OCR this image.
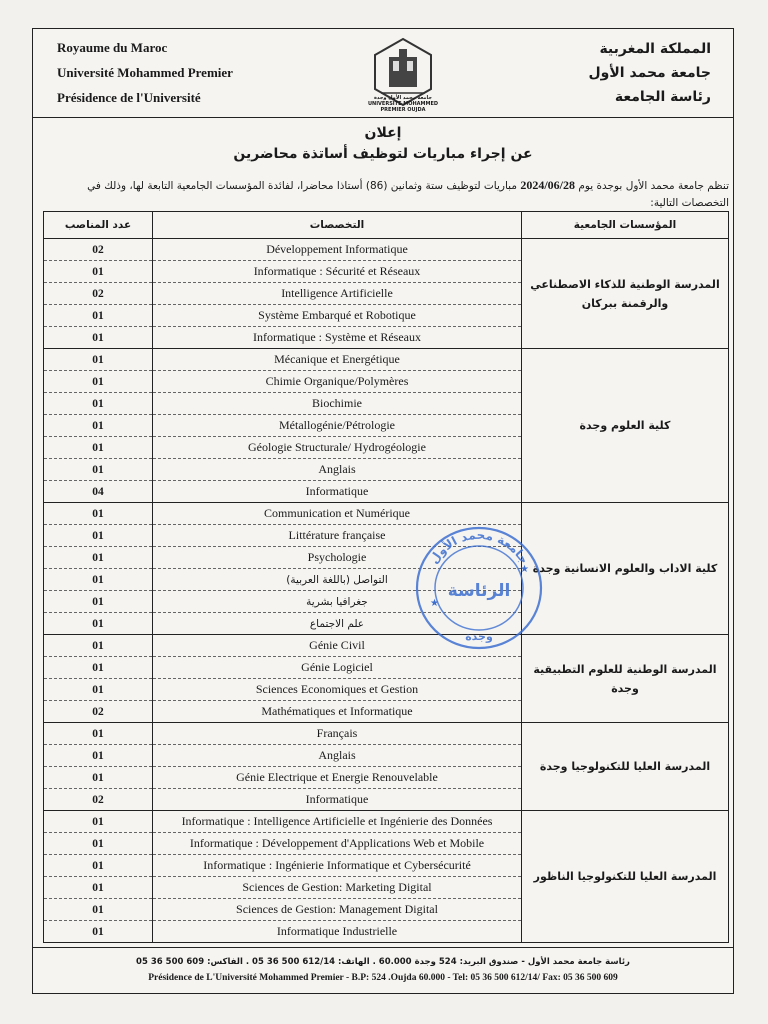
Royaume du Maroc
Université Mohammed Premier
Présidence de l'Université	جامعة محمد الأول وجدة
UNIVERSITE MOHAMMED PREMIER OUJDA
المملكة المغربية
جامعة محمد الأول
رئاسة الجامعة
إعلان
عن إجراء مباريات لتوظيف أساتذة محاضرين
تنظم جامعة محمد الأول بوجدة يوم 2024/06/28 مباريات لتوظيف ستة وثمانين (86) أستاذا محاضرا، لفائدة المؤسسات الجامعية التابعة لها، وذلك في التخصصات التالية:
عدد المناصب	التخصصات	المؤسسات الجامعية
02	Développement Informatique	المدرسة الوطنية للذكاء الاصطناعي والرقمنة ببركان
01	Informatique : Sécurité et Réseaux	
02	Intelligence Artificielle	
01	Système Embarqué et Robotique	
01	Informatique : Système et Réseaux	
01	Mécanique et Energétique	كلية العلوم وجدة
01	Chimie Organique/Polymères	
01	Biochimie	
01	Métallogénie/Pétrologie	
01	Géologie Structurale/ Hydrogéologie	
01	Anglais	
04	Informatique	
01	Communication et Numérique	كلية الاداب والعلوم الانسانية وجدة
01	Littérature française	
01	Psychologie	
01	التواصل (باللغة العربية)	
01	جغرافيا بشرية	
01	علم الاجتماع	
01	Génie Civil	المدرسة الوطنية للعلوم التطبيقية وجدة
01	Génie Logiciel	
01	Sciences Economiques et Gestion	
02	Mathématiques et Informatique	
01	Français	المدرسة العليا للتكنولوجيا وجدة
01	Anglais	
01	Génie Electrique et Energie Renouvelable	
02	Informatique	
01	Informatique : Intelligence Artificielle et Ingénierie des Données	المدرسة العليا للتكنولوجيا الناظور
01	Informatique : Développement d'Applications Web et Mobile	
01	Informatique : Ingénierie Informatique et Cybersécurité	
01	Sciences de Gestion: Marketing Digital	
01	Sciences de Gestion: Management Digital	
01	Informatique Industrielle	
رئاسة جامعة محمد الأول - صندوق البريد: 524 وجدة 60.000 . الهاتف: 612/14 500 36 05 . الفاكس: 609 500 36 05
Présidence de L'Université Mohammed Premier - B.P: 524 .Oujda 60.000 - Tel: 05 36 500 612/14/ Fax: 05 36 500 609
جامعة محمد الأول
الرئاسة
وجدة
★
★
